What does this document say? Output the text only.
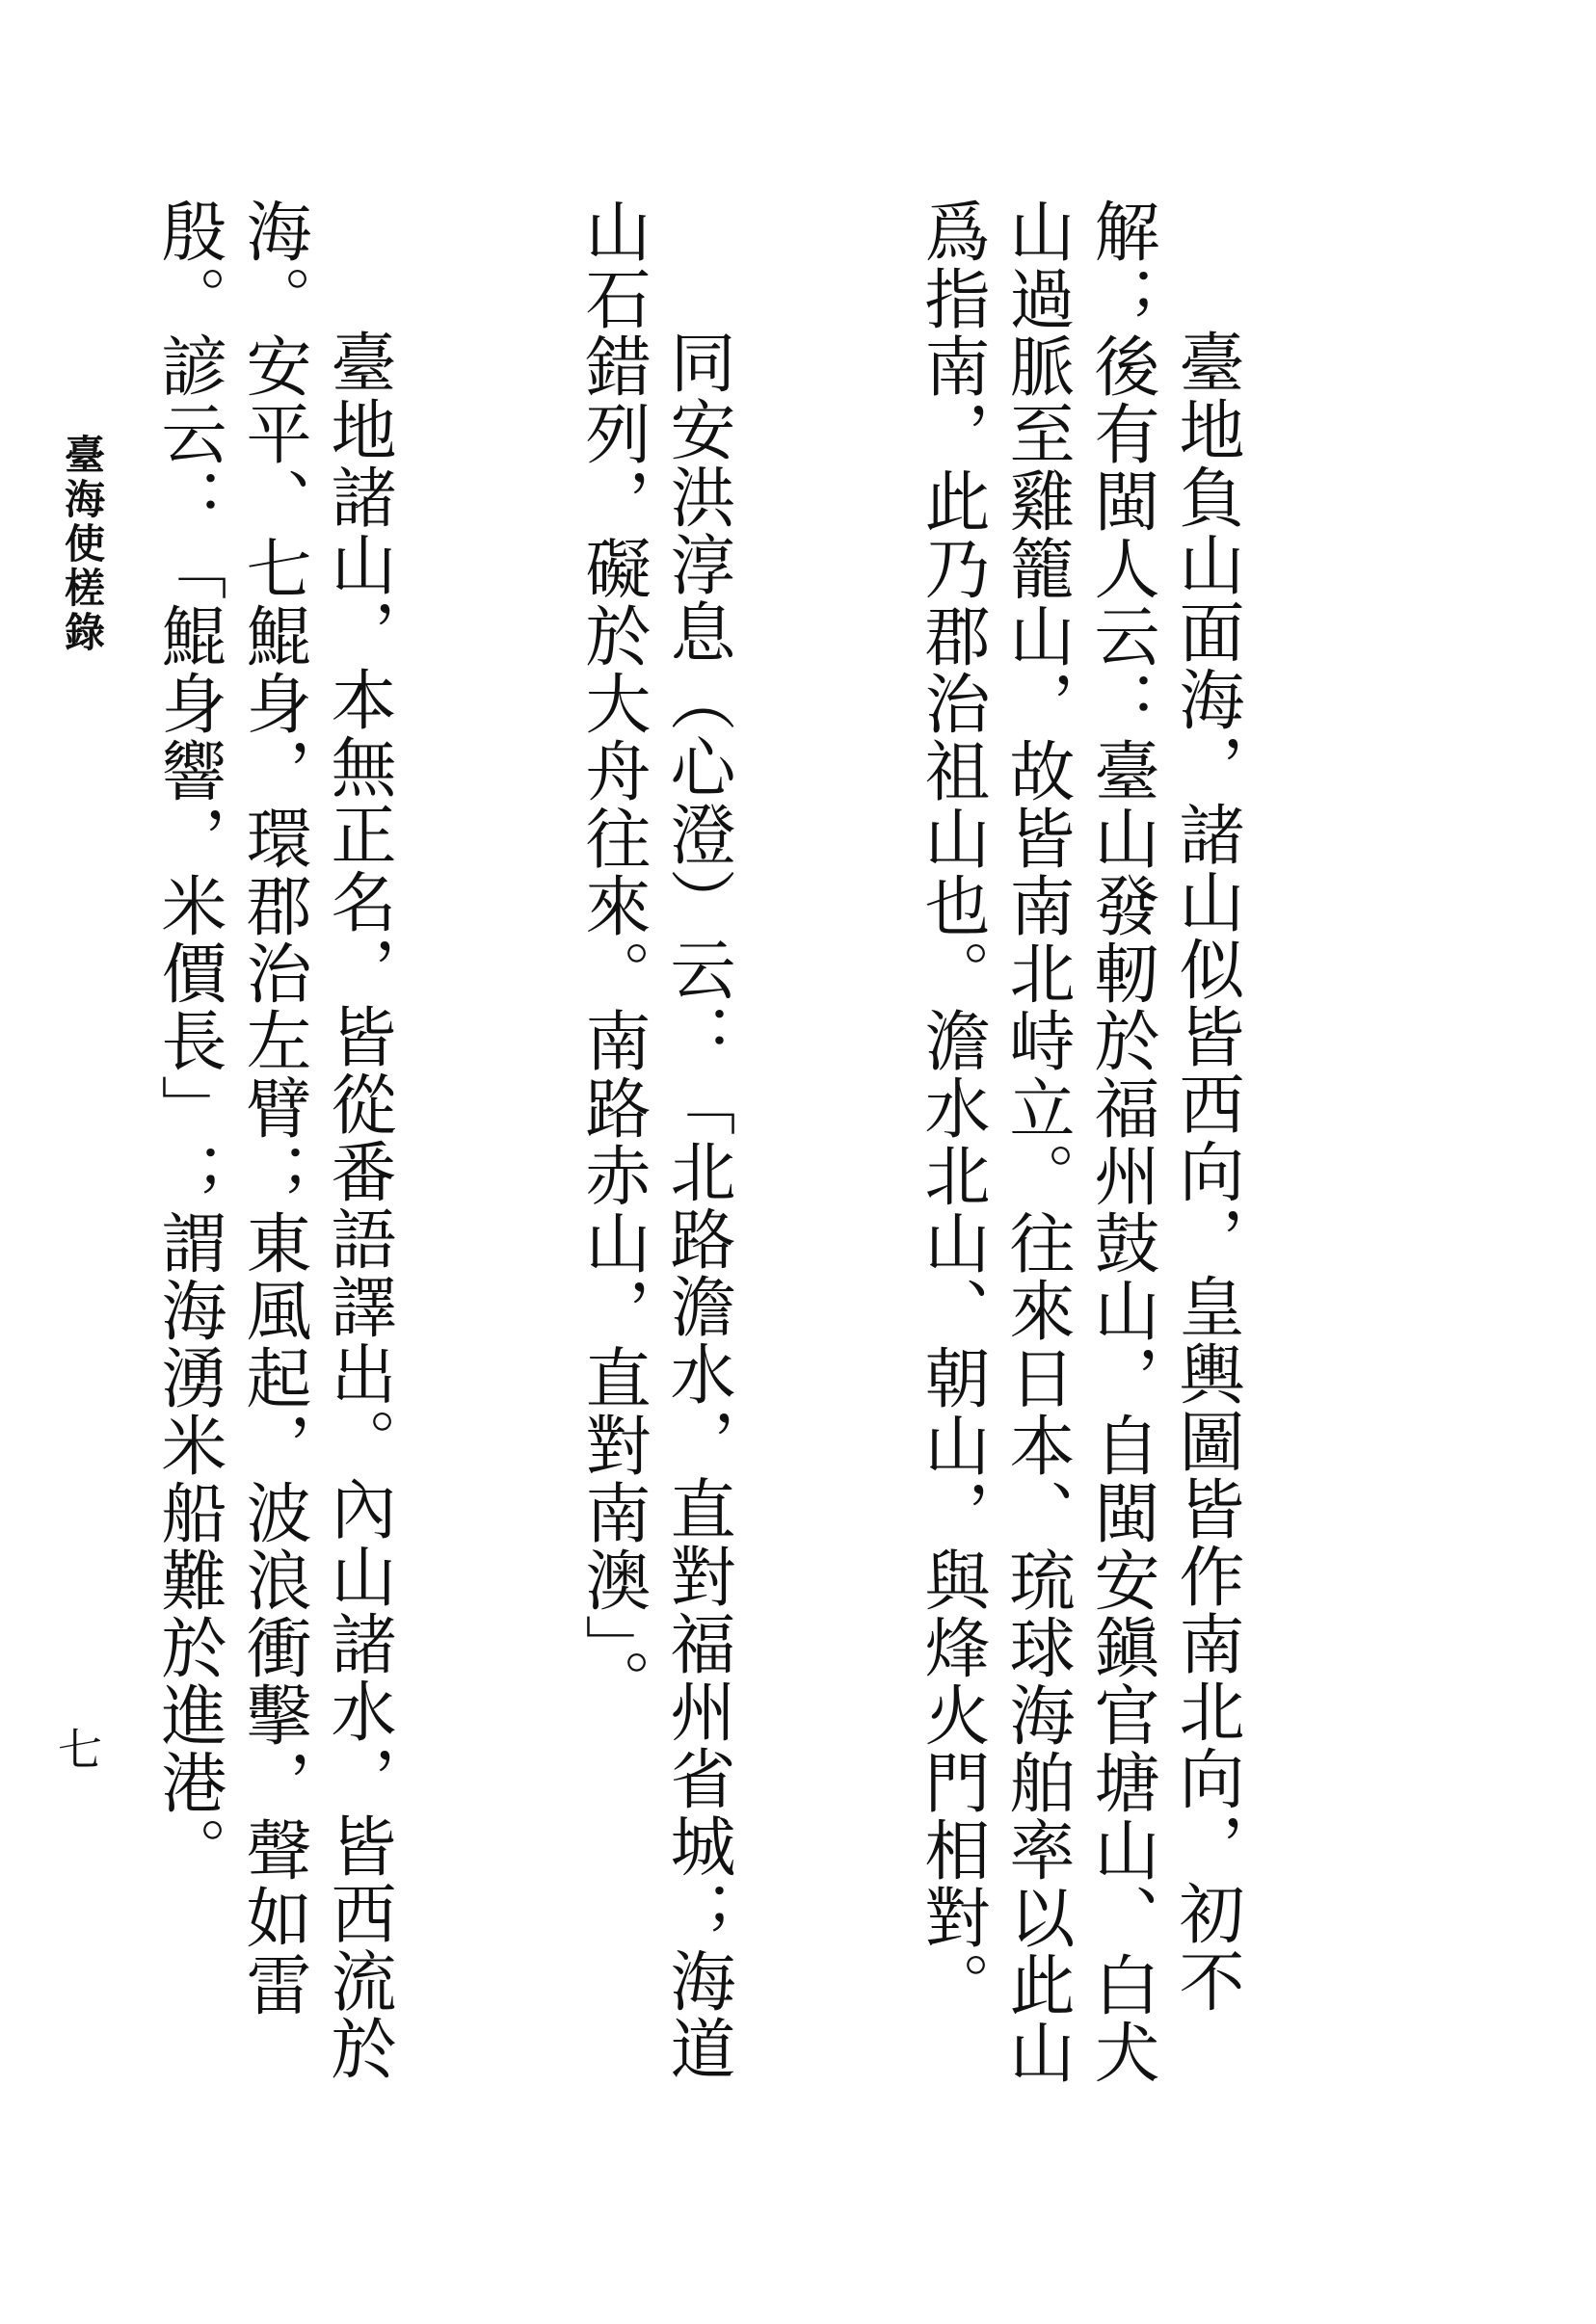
臺地負山面海，諸山似皆西向，皇輿圖皆作南北向，初不解；後有閩人云：臺山發軔於福州鼓山，自閩安鎭官塘山、白犬山過脈至雞籠山，故皆南北峙立。往來日本、琉球海舶率以此山爲指南，此乃郡治祖山也。澹水北山、朝山，與烽火門相對。

同安洪淳息（心澄）云：「北路澹水，直對福州省城；海道山石錯列，礙於大舟往來。南路赤山，直對南澳」。

臺地諸山，本無正名，皆從番語譯出。內山諸水，皆西流於海。安平、七鯤身，環郡治左臂；東風起，波浪衝擊，聲如雷殷。諺云：「鯤身響，米價長」；謂海湧米船難於進港。

臺海使槎錄
七
